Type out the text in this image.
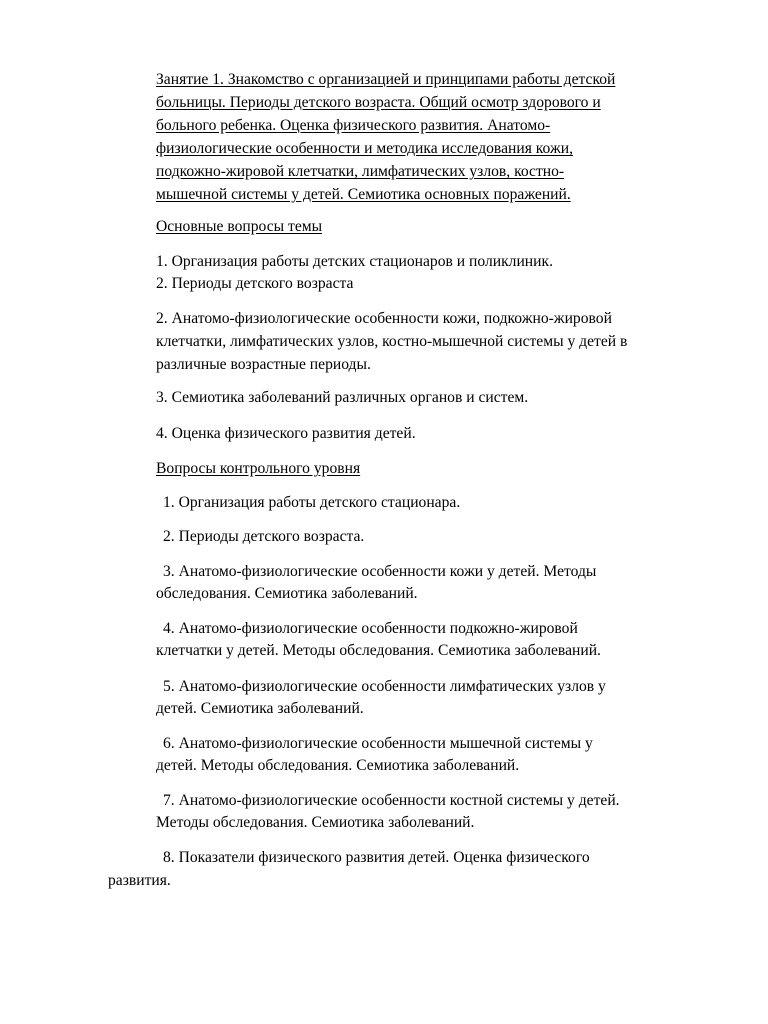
Занятие 1. Знакомство с организацией и принципами работы детской
больницы. Периоды детского возраста. Общий осмотр здорового и
больного ребенка. Оценка физического развития. Анатомо-
физиологические особенности и методика исследования кожи,
подкожно-жировой клетчатки, лимфатических узлов, костно-
мышечной системы у детей. Семиотика основных поражений.
Основные вопросы темы
1. Организация работы детских стационаров и поликлиник.
2. Периоды детского возраста
2. Анатомо-физиологические особенности кожи, подкожно-жировой
клетчатки, лимфатических узлов, костно-мышечной системы у детей в
различные возрастные периоды.
3. Семиотика заболеваний различных органов и систем.
4. Оценка физического развития детей.
Вопросы контрольного уровня
1. Организация работы детского стационара.
2. Периоды детского возраста.
3. Анатомо-физиологические особенности кожи у детей. Методы
обследования. Семиотика заболеваний.
4. Анатомо-физиологические особенности подкожно-жировой
клетчатки у детей. Методы обследования. Семиотика заболеваний.
5. Анатомо-физиологические особенности лимфатических узлов у
детей. Семиотика заболеваний.
6. Анатомо-физиологические особенности мышечной системы у
детей. Методы обследования. Семиотика заболеваний.
7. Анатомо-физиологические особенности костной системы у детей.
Методы обследования. Семиотика заболеваний.
8. Показатели физического развития детей. Оценка физического
развития.
